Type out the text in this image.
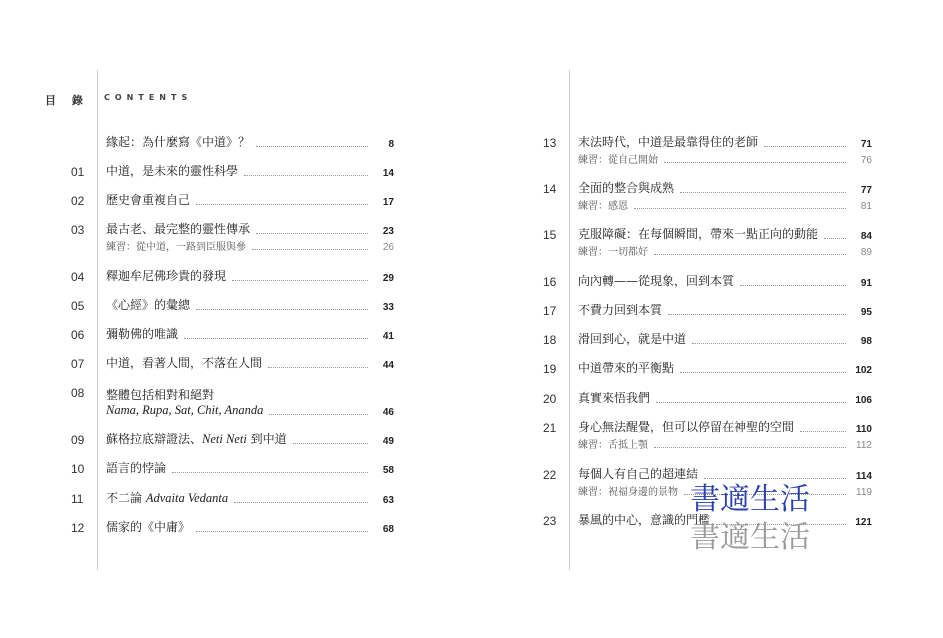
目 錄 CONTENTS
緣起：為什麼寫《中道》？	8
01 中道，是未來的靈性科學	14
02 歷史會重複自己	17
03 最古老、最完整的靈性傳承	23
練習：從中道，一路到臣服與參	26
04 釋迦牟尼佛珍貴的發現	29
05 《心經》的彙總	33
06 彌勒佛的唯識	41
07 中道，看著人間，不落在人間	44
08 整體包括相對和絕對
Nama, Rupa, Sat, Chit, Ananda	46
09 蘇格拉底辯證法、Neti Neti 到中道	49
10 語言的悖論	58
11 不二論 Advaita Vedanta	63
12 儒家的《中庸》	68
13 末法時代，中道是最靠得住的老師	71
練習：從自己開始	76
14 全面的整合與成熟	77
練習：感恩	81
15 克服障礙：在每個瞬間，帶來一點正向的動能	84
練習：一切都好	89
16 向內轉——從現象，回到本質	91
17 不費力回到本質	95
18 滑回到心，就是中道	98
19 中道帶來的平衡點	102
20 真實來悟我們	106
21 身心無法醒覺，但可以停留在神聖的空間	110
練習：舌抵上顎	112
22 每個人有自己的超連結	114
練習：祝福身邊的景物	119
23 暴風的中心，意識的門檻	121
書適生活
書適生活
